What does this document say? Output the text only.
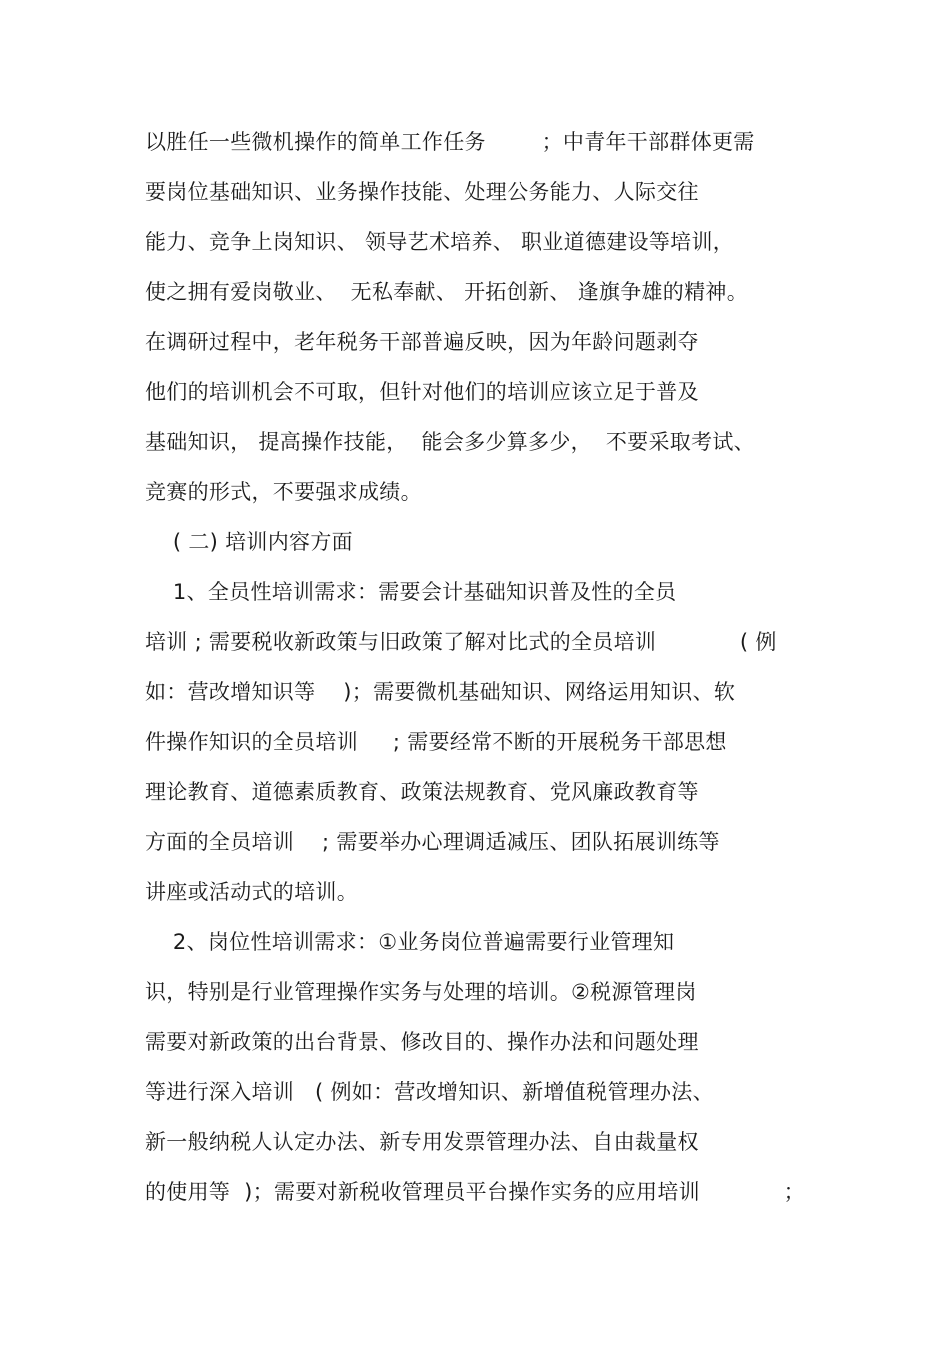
以胜任一些微机操作的简单工作任务        ；中青年干部群体更需
要岗位基础知识、业务操作技能、处理公务能力、人际交往
能力、竞争上岗知识、 领导艺术培养、 职业道德建设等培训，
使之拥有爱岗敬业、  无私奉献、 开拓创新、 逢旗争雄的精神。
在调研过程中，老年税务干部普遍反映，因为年龄问题剥夺
他们的培训机会不可取，但针对他们的培训应该立足于普及
基础知识， 提高操作技能，  能会多少算多少，  不要采取考试、
竞赛的形式，不要强求成绩。
( 二) 培训内容方面
1、全员性培训需求：需要会计基础知识普及性的全员
培训 ; 需要税收新政策与旧政策了解对比式的全员培训            ( 例
如：营改增知识等    )；需要微机基础知识、网络运用知识、软
件操作知识的全员培训     ; 需要经常不断的开展税务干部思想
理论教育、道德素质教育、政策法规教育、党风廉政教育等
方面的全员培训    ; 需要举办心理调适减压、团队拓展训练等
讲座或活动式的培训。
2、岗位性培训需求：①业务岗位普遍需要行业管理知
识，特别是行业管理操作实务与处理的培训。②税源管理岗
需要对新政策的出台背景、修改目的、操作办法和问题处理
等进行深入培训   ( 例如：营改增知识、新增值税管理办法、
新一般纳税人认定办法、新专用发票管理办法、自由裁量权
的使用等  )；需要对新税收管理员平台操作实务的应用培训            ；
